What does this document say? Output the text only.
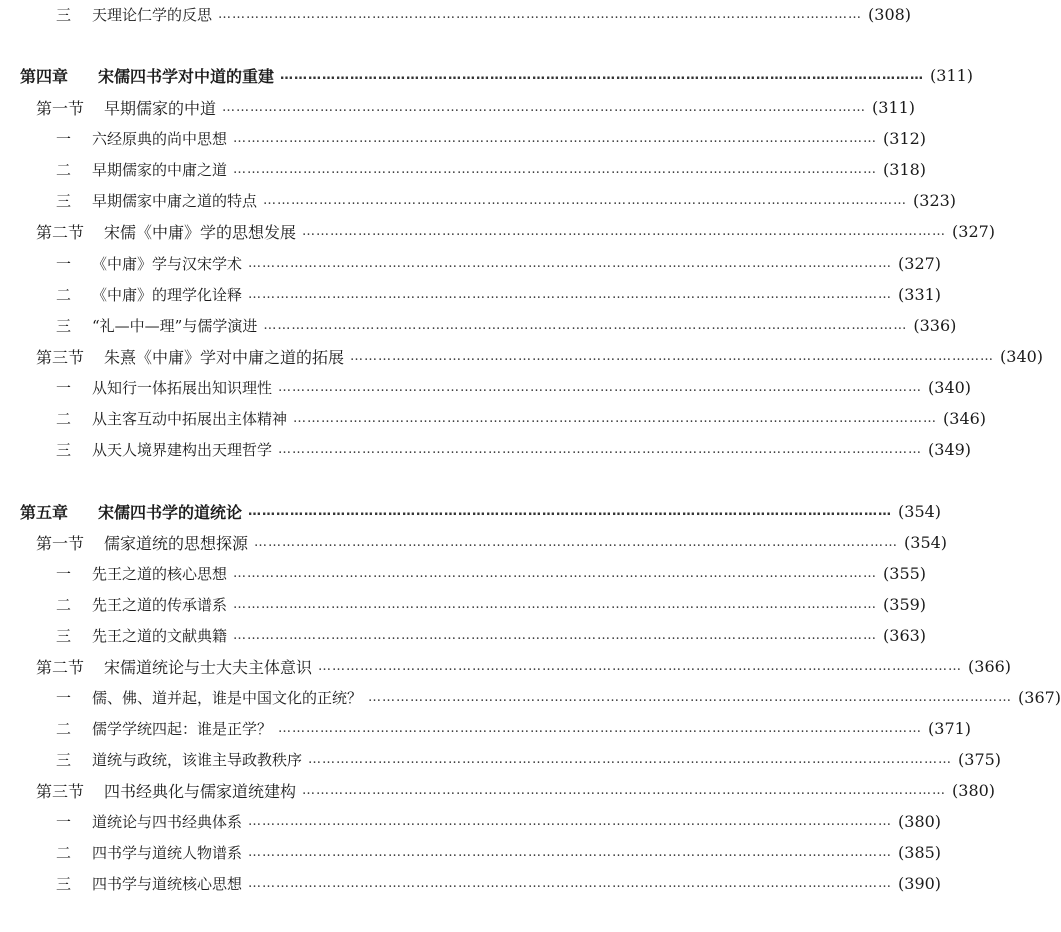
三	天理论仁学的反思 ………………………………………………………………………………………………………………………… (308)
第四章	宋儒四书学对中道的重建 ………………………………………………………………………………………………………………………… (311)
第一节	早期儒家的中道 ………………………………………………………………………………………………………………………… (311)
一	六经原典的尚中思想 ………………………………………………………………………………………………………………………… (312)
二	早期儒家的中庸之道 ………………………………………………………………………………………………………………………… (318)
三	早期儒家中庸之道的特点 ………………………………………………………………………………………………………………………… (323)
第二节	宋儒《中庸》学的思想发展 ………………………………………………………………………………………………………………………… (327)
一	《中庸》学与汉宋学术 ………………………………………………………………………………………………………………………… (327)
二	《中庸》的理学化诠释 ………………………………………………………………………………………………………………………… (331)
三	“礼—中—理”与儒学演进 ………………………………………………………………………………………………………………………… (336)
第三节	朱熹《中庸》学对中庸之道的拓展 ………………………………………………………………………………………………………………………… (340)
一	从知行一体拓展出知识理性 ………………………………………………………………………………………………………………………… (340)
二	从主客互动中拓展出主体精神 ………………………………………………………………………………………………………………………… (346)
三	从天人境界建构出天理哲学 ………………………………………………………………………………………………………………………… (349)
第五章	宋儒四书学的道统论 ………………………………………………………………………………………………………………………… (354)
第一节	儒家道统的思想探源 ………………………………………………………………………………………………………………………… (354)
一	先王之道的核心思想 ………………………………………………………………………………………………………………………… (355)
二	先王之道的传承谱系 ………………………………………………………………………………………………………………………… (359)
三	先王之道的文献典籍 ………………………………………………………………………………………………………………………… (363)
第二节	宋儒道统论与士大夫主体意识 ………………………………………………………………………………………………………………………… (366)
一	儒、佛、道并起，谁是中国文化的正统？ ………………………………………………………………………………………………………………………… (367)
二	儒学学统四起：谁是正学？ ………………………………………………………………………………………………………………………… (371)
三	道统与政统，该谁主导政教秩序 ………………………………………………………………………………………………………………………… (375)
第三节	四书经典化与儒家道统建构 ………………………………………………………………………………………………………………………… (380)
一	道统论与四书经典体系 ………………………………………………………………………………………………………………………… (380)
二	四书学与道统人物谱系 ………………………………………………………………………………………………………………………… (385)
三	四书学与道统核心思想 ………………………………………………………………………………………………………………………… (390)
